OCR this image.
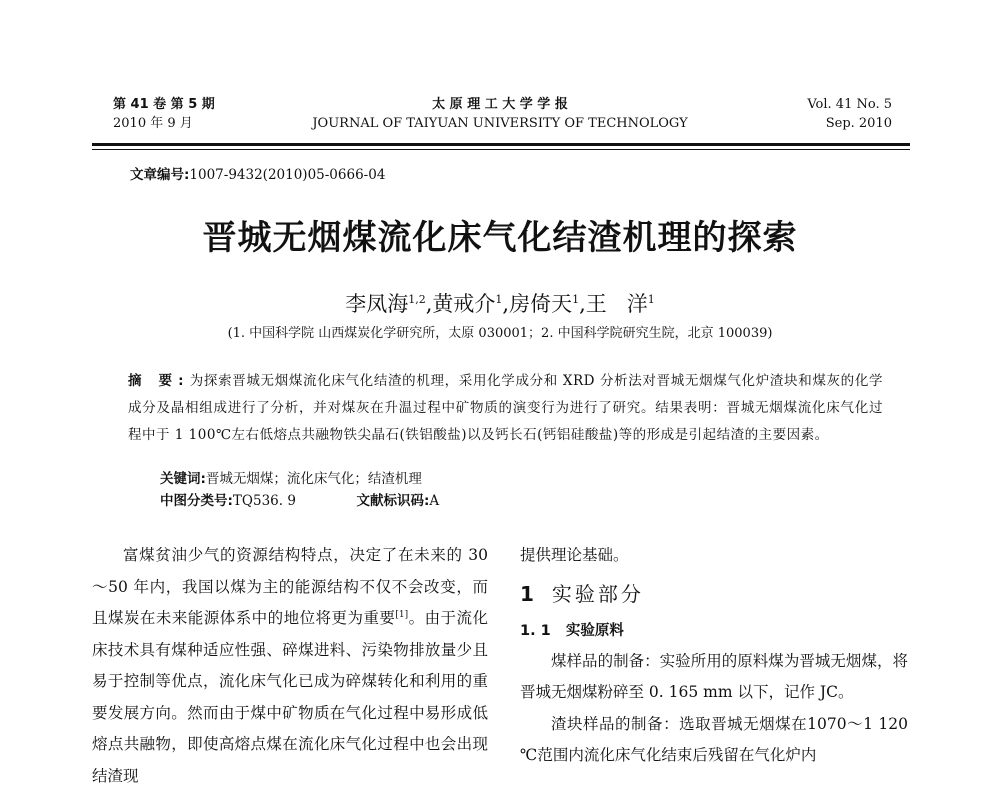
第 41 卷 第 5 期
2010 年 9 月
太 原 理 工 大 学 学 报
JOURNAL OF TAIYUAN UNIVERSITY OF TECHNOLOGY
Vol. 41 No. 5
Sep. 2010
文章编号:1007-9432(2010)05-0666-04
晋城无烟煤流化床气化结渣机理的探索
李凤海$^{1,2}$,黄戒介$^1$,房倚天$^1$,王   洋$^1$
(1. 中国科学院 山西煤炭化学研究所，太原 030001；2. 中国科学院研究生院，北京 100039)
摘 要:为探索晋城无烟煤流化床气化结渣的机理，采用化学成分和 XRD 分析法对晋城无烟煤气化炉渣块和煤灰的化学成分及晶相组成进行了分析，并对煤灰在升温过程中矿物质的演变行为进行了研究。结果表明：晋城无烟煤流化床气化过程中于 1 100℃左右低熔点共融物铁尖晶石(铁铝酸盐)以及钙长石(钙铝硅酸盐)等的形成是引起结渣的主要因素。
关键词:晋城无烟煤；流化床气化；结渣机理
中图分类号:TQ536. 9	文献标识码:A

富煤贫油少气的资源结构特点，决定了在未来的 30～50 年内，我国以煤为主的能源结构不仅不会改变，而且煤炭在未来能源体系中的地位将更为重要[1]。由于流化床技术具有煤种适应性强、碎煤进料、污染物排放量少且易于控制等优点，流化床气化已成为碎煤转化和利用的重要发展方向。然而由于煤中矿物质在气化过程中易形成低熔点共融物，即使高熔点煤在流化床气化过程中也会出现结渣现

提供理论基础。

1 实验部分
1. 1   实验原料

煤样品的制备：实验所用的原料煤为晋城无烟煤，将晋城无烟煤粉碎至 0. 165 mm 以下，记作 JC。

渣块样品的制备：选取晋城无烟煤在1070～1 120 ℃范围内流化床气化结束后残留在气化炉内
